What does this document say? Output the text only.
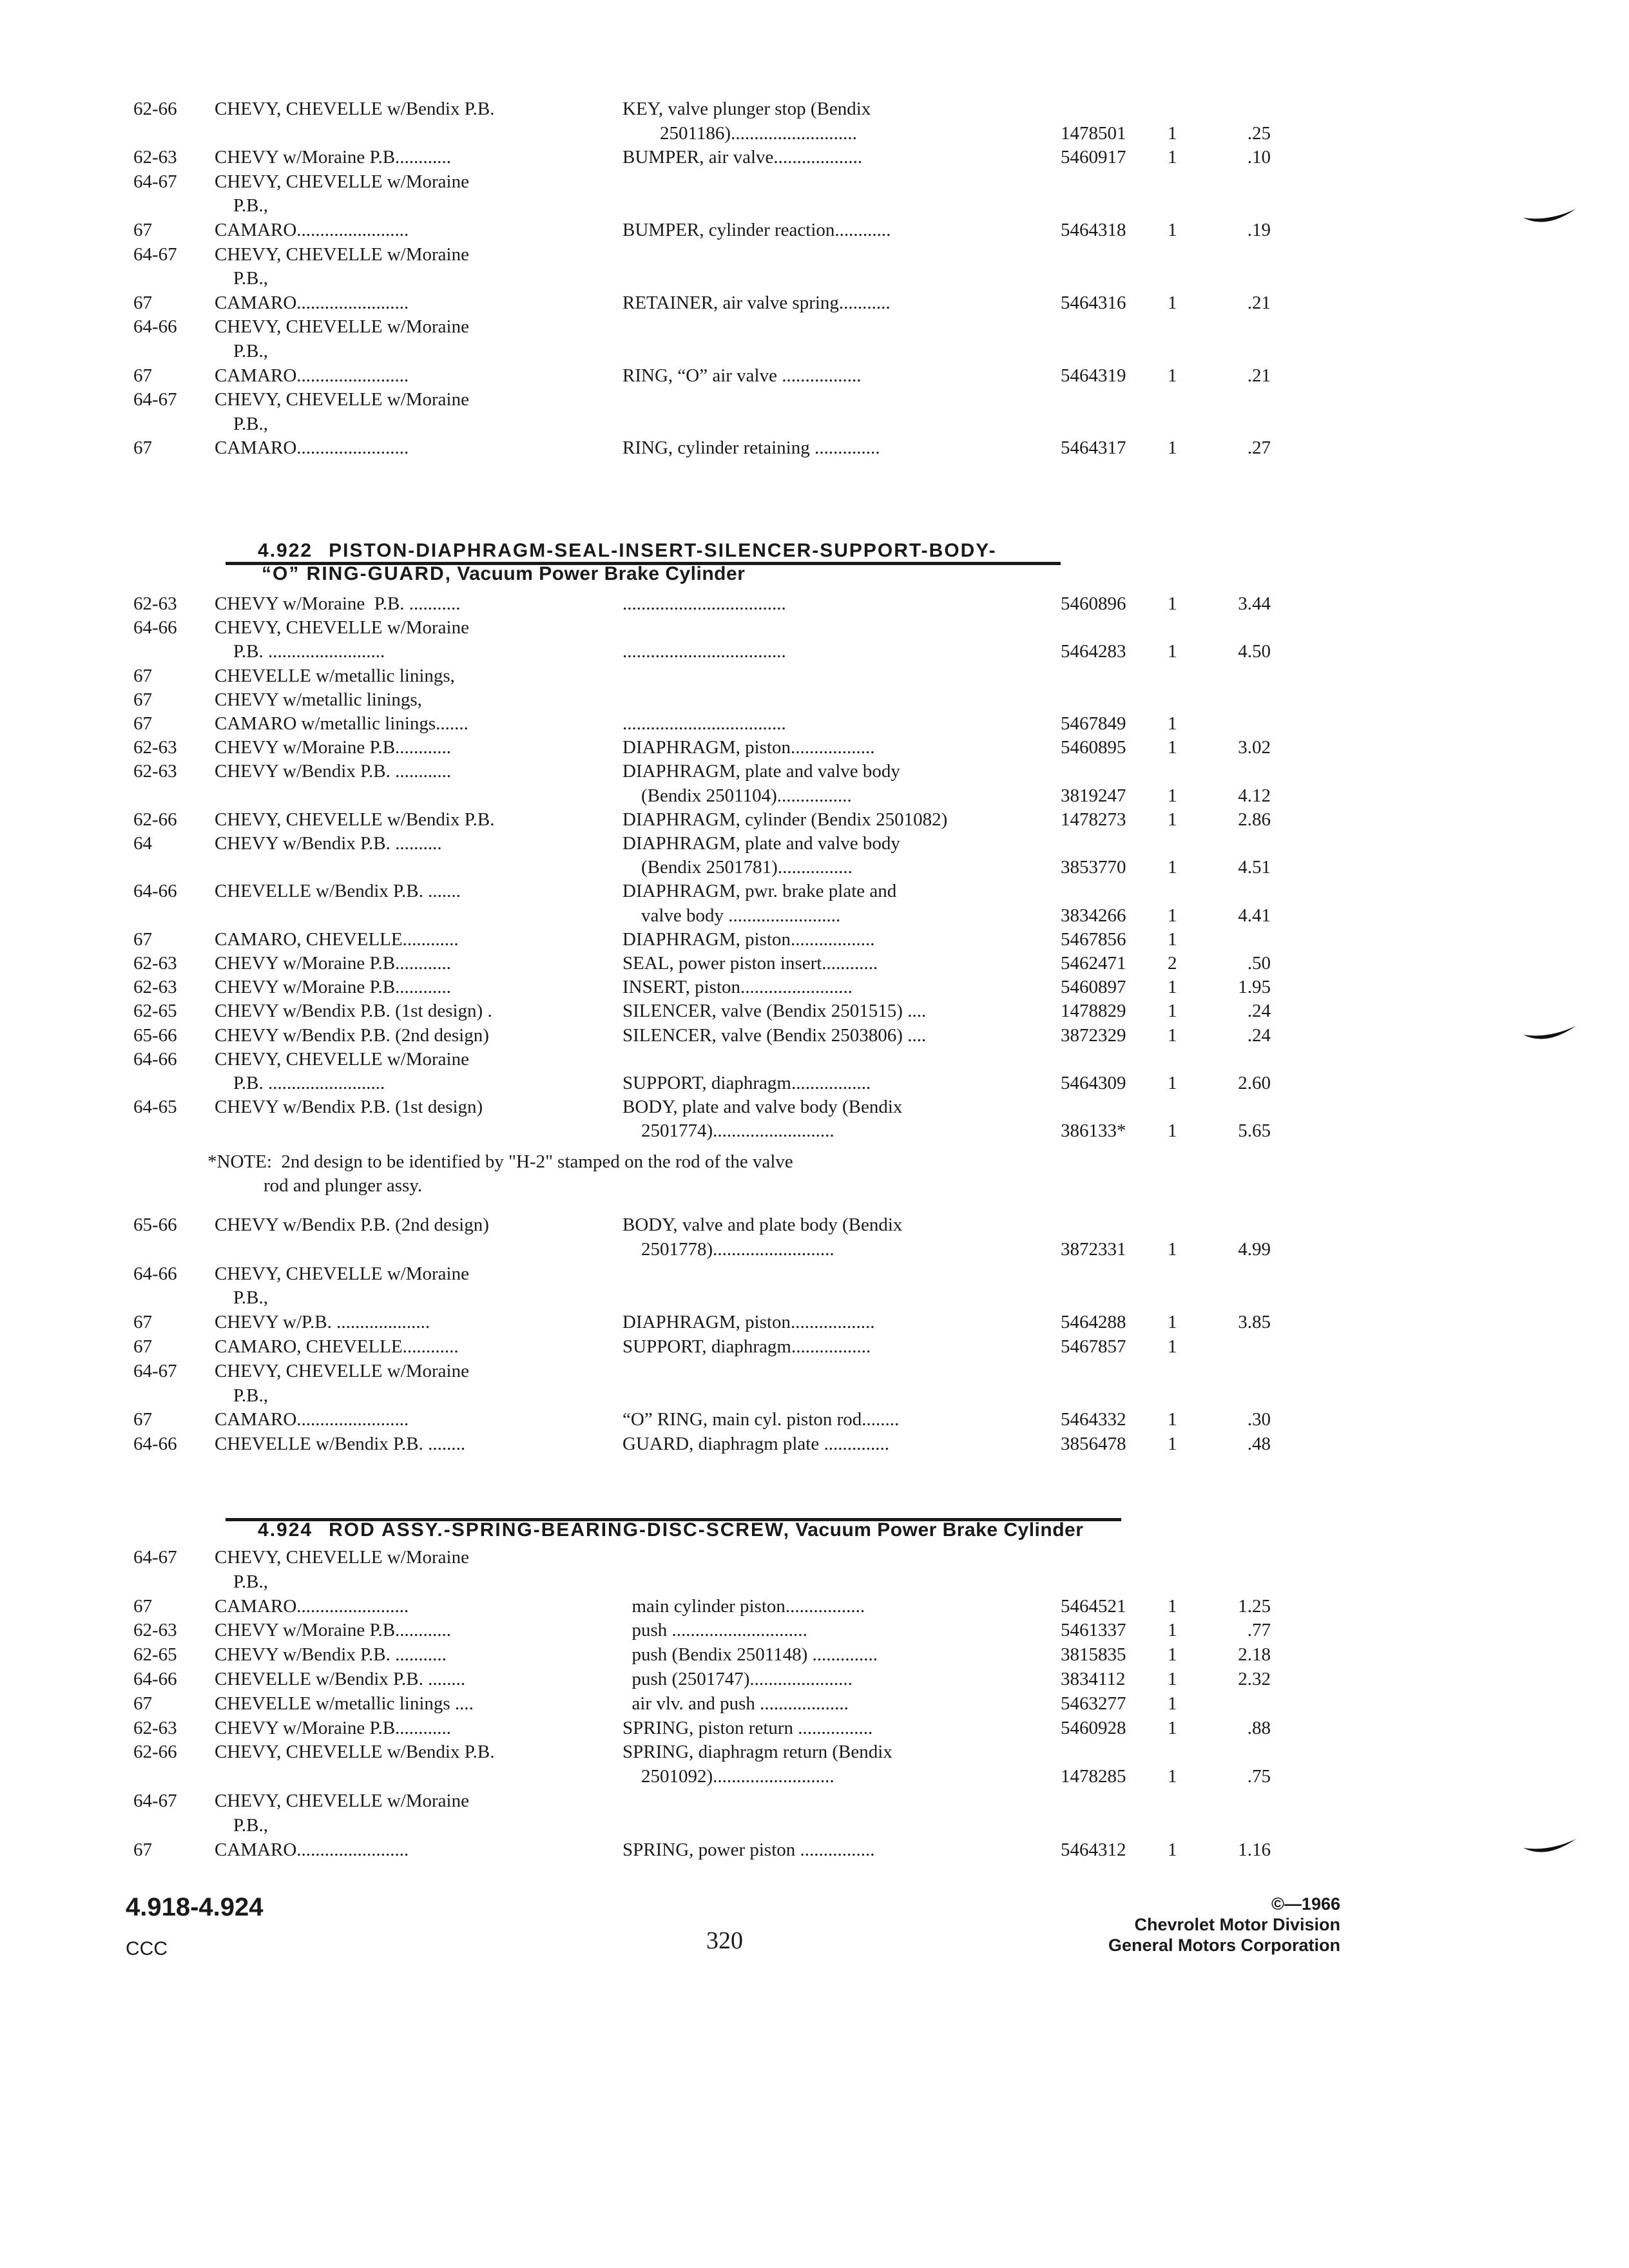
62-66 CHEVY, CHEVELLE w/Bendix P.B.	KEY, valve plunger stop (Bendix
2501186)...........................	1478501 1	.25
62-63 CHEVY w/Moraine P.B............	BUMPER, air valve...................	5460917 1	.10
64-67 CHEVY, CHEVELLE w/Moraine
P.B.,
67	CAMARO........................	BUMPER, cylinder reaction............	5464318 1	.19
64-67 CHEVY, CHEVELLE w/Moraine
P.B.,
67	CAMARO........................	RETAINER, air valve spring...........	5464316 1	.21
64-66 CHEVY, CHEVELLE w/Moraine
P.B.,
67	CAMARO........................	RING, “O” air valve .................	5464319 1	.21
64-67 CHEVY, CHEVELLE w/Moraine
P.B.,
67	CAMARO........................	RING, cylinder retaining ..............	5464317 1	.27

4.922 PISTON-DIAPHRAGM-SEAL-INSERT-SILENCER-SUPPORT-BODY-

“O” RING-GUARD, Vacuum Power Brake Cylinder

62-63 CHEVY w/Moraine  P.B. ...........	...................................	5460896 1	3.44
64-66 CHEVY, CHEVELLE w/Moraine
P.B. .........................	...................................	5464283 1	4.50
67	CHEVELLE w/metallic linings,
67	CHEVY w/metallic linings,
67	CAMARO w/metallic linings.......	...................................	5467849 1
62-63 CHEVY w/Moraine P.B............	DIAPHRAGM, piston..................	5460895 1	3.02
62-63 CHEVY w/Bendix P.B. ............	DIAPHRAGM, plate and valve body
(Bendix 2501104)................	3819247 1	4.12
62-66 CHEVY, CHEVELLE w/Bendix P.B.	DIAPHRAGM, cylinder (Bendix 2501082)	1478273 1	2.86
64	CHEVY w/Bendix P.B. ..........	DIAPHRAGM, plate and valve body
(Bendix 2501781)................	3853770 1	4.51
64-66 CHEVELLE w/Bendix P.B. .......	DIAPHRAGM, pwr. brake plate and
valve body ........................	3834266 1	4.41
67	CAMARO, CHEVELLE............	DIAPHRAGM, piston..................	5467856 1
62-63 CHEVY w/Moraine P.B............	SEAL, power piston insert............	5462471 2	.50
62-63 CHEVY w/Moraine P.B............	INSERT, piston........................	5460897 1	1.95
62-65 CHEVY w/Bendix P.B. (1st design) .	SILENCER, valve (Bendix 2501515) ....	1478829 1	.24
65-66 CHEVY w/Bendix P.B. (2nd design)	SILENCER, valve (Bendix 2503806) ....	3872329 1	.24
64-66 CHEVY, CHEVELLE w/Moraine
P.B. .........................	SUPPORT, diaphragm.................	5464309 1	2.60
64-65 CHEVY w/Bendix P.B. (1st design)	BODY, plate and valve body (Bendix
2501774)..........................	386133* 1	5.65
*NOTE:  2nd design to be identified by "H-2" stamped on the rod of the valve
rod and plunger assy.
65-66 CHEVY w/Bendix P.B. (2nd design)	BODY, valve and plate body (Bendix
2501778)..........................	3872331 1	4.99
64-66 CHEVY, CHEVELLE w/Moraine
P.B.,
67	CHEVY w/P.B. ....................	DIAPHRAGM, piston..................	5464288 1	3.85
67	CAMARO, CHEVELLE............	SUPPORT, diaphragm.................	5467857 1
64-67 CHEVY, CHEVELLE w/Moraine
P.B.,
67	CAMARO........................	“O” RING, main cyl. piston rod........	5464332 1	.30
64-66 CHEVELLE w/Bendix P.B. ........	GUARD, diaphragm plate ..............	3856478 1	.48

4.924 ROD ASSY.-SPRING-BEARING-DISC-SCREW, Vacuum Power Brake Cylinder

64-67 CHEVY, CHEVELLE w/Moraine
P.B.,
67	CAMARO........................	main cylinder piston.................	5464521 1	1.25
62-63 CHEVY w/Moraine P.B............	push .............................	5461337 1	.77
62-65 CHEVY w/Bendix P.B. ...........	push (Bendix 2501148) ..............	3815835 1	2.18
64-66 CHEVELLE w/Bendix P.B. ........	push (2501747)......................	3834112 1	2.32
67	CHEVELLE w/metallic linings ....	air vlv. and push ...................	5463277 1
62-63 CHEVY w/Moraine P.B............	SPRING, piston return ................	5460928 1	.88
62-66 CHEVY, CHEVELLE w/Bendix P.B.	SPRING, diaphragm return (Bendix
2501092)..........................	1478285 1	.75
64-67 CHEVY, CHEVELLE w/Moraine
P.B.,
67	CAMARO........................	SPRING, power piston ................	5464312 1	1.16
4.918-4.924
CCC	320
©—1966
Chevrolet Motor Division
General Motors Corporation
